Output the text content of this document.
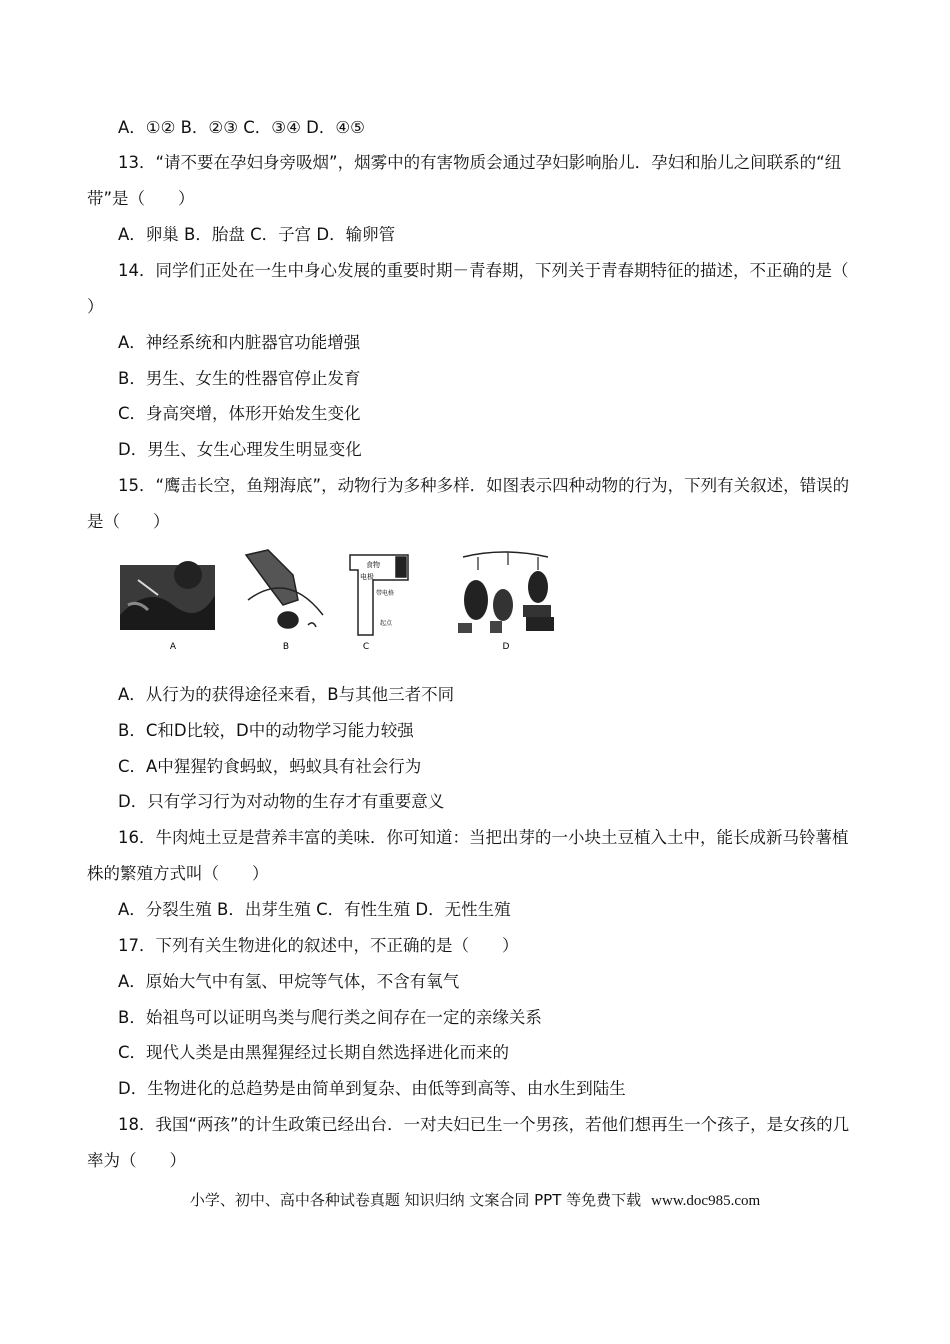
A．①② B．②③ C．③④ D．④⑤
13．“请不要在孕妇身旁吸烟”，烟雾中的有害物质会通过孕妇影响胎儿．孕妇和胎儿之间联系的“纽
带”是（　　）
A．卵巢 B．胎盘 C．子宫 D．输卵管
14．同学们正处在一生中身心发展的重要时期－青春期，下列关于青春期特征的描述，不正确的是（
）
A．神经系统和内脏器官功能增强
B．男生、女生的性器官停止发育
C．身高突增，体形开始发生变化
D．男生、女生心理发生明显变化
15．“鹰击长空，鱼翔海底”，动物行为多种多样．如图表示四种动物的行为，下列有关叙述，错误的
是（　　）
A	B
食物
电极
带电格
起点
C	D
A．从行为的获得途径来看，B与其他三者不同
B．C和D比较，D中的动物学习能力较强
C．A中猩猩钓食蚂蚁，蚂蚁具有社会行为
D．只有学习行为对动物的生存才有重要意义
16．牛肉炖土豆是营养丰富的美味．你可知道：当把出芽的一小块土豆植入土中，能长成新马铃薯植
株的繁殖方式叫（　　）
A．分裂生殖 B．出芽生殖 C．有性生殖 D．无性生殖
17．下列有关生物进化的叙述中，不正确的是（　　）
A．原始大气中有氢、甲烷等气体，不含有氧气
B．始祖鸟可以证明鸟类与爬行类之间存在一定的亲缘关系
C．现代人类是由黑猩猩经过长期自然选择进化而来的
D．生物进化的总趋势是由简单到复杂、由低等到高等、由水生到陆生
18．我国“两孩”的计生政策已经出台．一对夫妇已生一个男孩，若他们想再生一个孩子，是女孩的几
率为（　　）
小学、初中、高中各种试卷真题 知识归纳 文案合同 PPT 等免费下载 www.doc985.com
